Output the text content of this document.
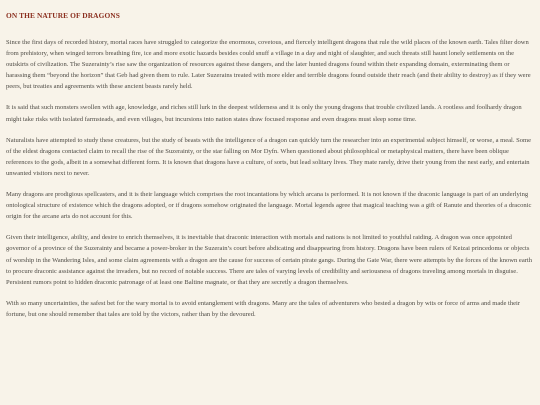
ON THE NATURE OF DRAGONS

Since the first days of recorded history, mortal races have struggled to categorize the enormous, covetous, and fiercely intelligent dragons that rule the wild places of the known earth. Tales filter down from prehistory, when winged terrors breathing fire, ice and more exotic hazards besides could snuff a village in a day and night of slaughter, and such threats still haunt lonely settlements on the outskirts of civilization. The Suzerainty’s rise saw the organization of resources against these dangers, and the later hunted dragons found within their expanding domain, exterminating them or harassing them “beyond the horizon” that Geb had given them to rule. Later Suzerains treated with more elder and terrible dragons found outside their reach (and their ability to destroy) as if they were peers, but treaties and agreements with these ancient beasts rarely held.

It is said that such monsters swollen with age, knowledge, and riches still lurk in the deepest wilderness and it is only the young dragons that trouble civilized lands. A rootless and foolhardy dragon might take risks with isolated farmsteads, and even villages, but incursions into nation states draw focused response and even dragons must sleep some time.

Naturalists have attempted to study these creatures, but the study of beasts with the intelligence of a dragon can quickly turn the researcher into an experimental subject himself, or worse, a meal. Some of the eldest dragons contacted claim to recall the rise of the Suzerainty, or the star falling on Mor Dyfn. When questioned about philosophical or metaphysical matters, there have been oblique references to the gods, albeit in a somewhat different form. It is known that dragons have a culture, of sorts, but lead solitary lives. They mate rarely, drive their young from the nest early, and entertain unwanted visitors next to never.

Many dragons are prodigious spellcasters, and it is their language which comprises the root incantations by which arcana is performed. It is not known if the draconic language is part of an underlying ontological structure of existence which the dragons adopted, or if dragons somehow originated the language. Mortal legends agree that magical teaching was a gift of Ranute and theories of a draconic origin for the arcane arts do not account for this.

Given their intelligence, ability, and desire to enrich themselves, it is inevitable that draconic interaction with mortals and nations is not limited to youthful raiding. A dragon was once appointed governor of a province of the Suzerainty and became a power-broker in the Suzerain’s court before abdicating and disappearing from history. Dragons have been rulers of Keizai princedoms or objects of worship in the Wandering Isles, and some claim agreements with a dragon are the cause for success of certain pirate gangs. During the Gate War, there were attempts by the forces of the known earth to procure draconic assistance against the invaders, but no record of notable success. There are tales of varying levels of credibility and seriousness of dragons traveling among mortals in disguise. Persistent rumors point to hidden draconic patronage of at least one Baltine magnate, or that they are secretly a dragon themselves.

With so many uncertainties, the safest bet for the wary mortal is to avoid entanglement with dragons. Many are the tales of adventurers who bested a dragon by wits or force of arms and made their fortune, but one should remember that tales are told by the victors, rather than by the devoured.
